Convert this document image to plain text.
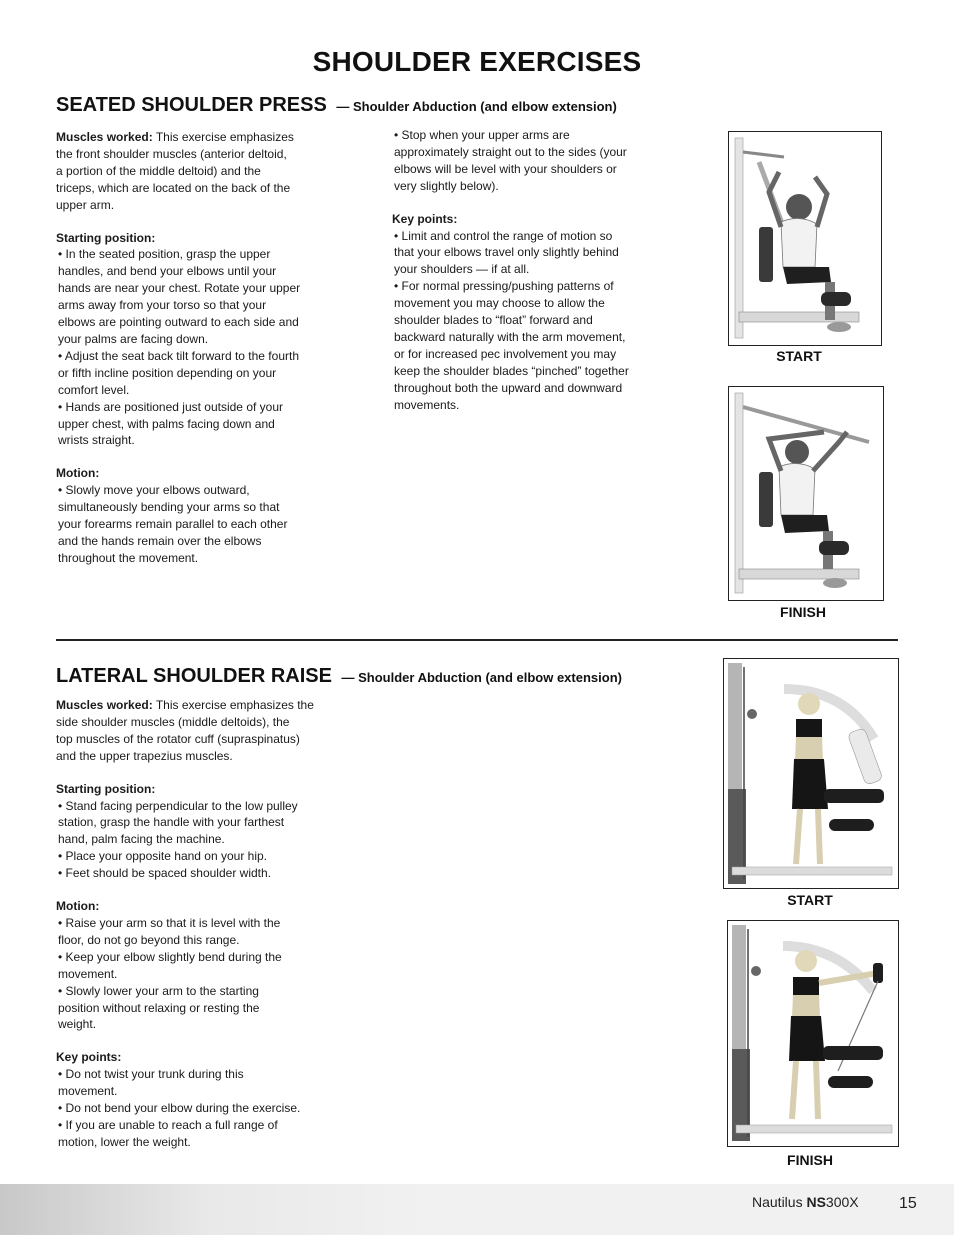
SHOULDER EXERCISES
SEATED SHOULDER PRESS — Shoulder Abduction (and elbow extension)

Muscles worked: This exercise emphasizes

the front shoulder muscles (anterior deltoid,

a portion of the middle deltoid) and the

triceps, which are located on the back of the

upper arm.

Starting position:

• In the seated position, grasp the upper

handles, and bend your elbows until your

hands are near your chest. Rotate your upper

arms away from your torso so that your

elbows are pointing outward to each side and

your palms are facing down.

• Adjust the seat back tilt forward to the fourth

or fifth incline position depending on your

comfort level.

• Hands are positioned just outside of your

upper chest, with palms facing down and

wrists straight.

Motion:

• Slowly move your elbows outward,

simultaneously bending your arms so that

your forearms remain parallel to each other

and the hands remain over the elbows

throughout the movement.

• Stop when your upper arms are

approximately straight out to the sides (your

elbows will be level with your shoulders or

very slightly below).

Key points:

• Limit and control the range of motion so

that your elbows travel only slightly behind

your shoulders — if at all.

• For normal pressing/pushing patterns of

movement you may choose to allow the

shoulder blades to “float” forward and

backward naturally with the arm movement,

or for increased pec involvement you may

keep the shoulder blades “pinched” together

throughout both the upward and downward

movements.

START
FINISH
LATERAL SHOULDER RAISE — Shoulder Abduction (and elbow extension)

Muscles worked: This exercise emphasizes the

side shoulder muscles (middle deltoids), the

top muscles of the rotator cuff (supraspinatus)

and the upper trapezius muscles.

Starting position:

• Stand facing perpendicular to the low pulley

station, grasp the handle with your farthest

hand, palm facing the machine.

• Place your opposite hand on your hip.

• Feet should be spaced shoulder width.

Motion:

• Raise your arm so that it is level with the

floor, do not go beyond this range.

• Keep your elbow slightly bend during the

movement.

• Slowly lower your arm to the starting

position without relaxing or resting the

weight.

Key points:

• Do not twist your trunk during this

movement.

• Do not bend your elbow during the exercise.

• If you are unable to reach a full range of

motion, lower the weight.

START
FINISH
Nautilus NS300X	15
